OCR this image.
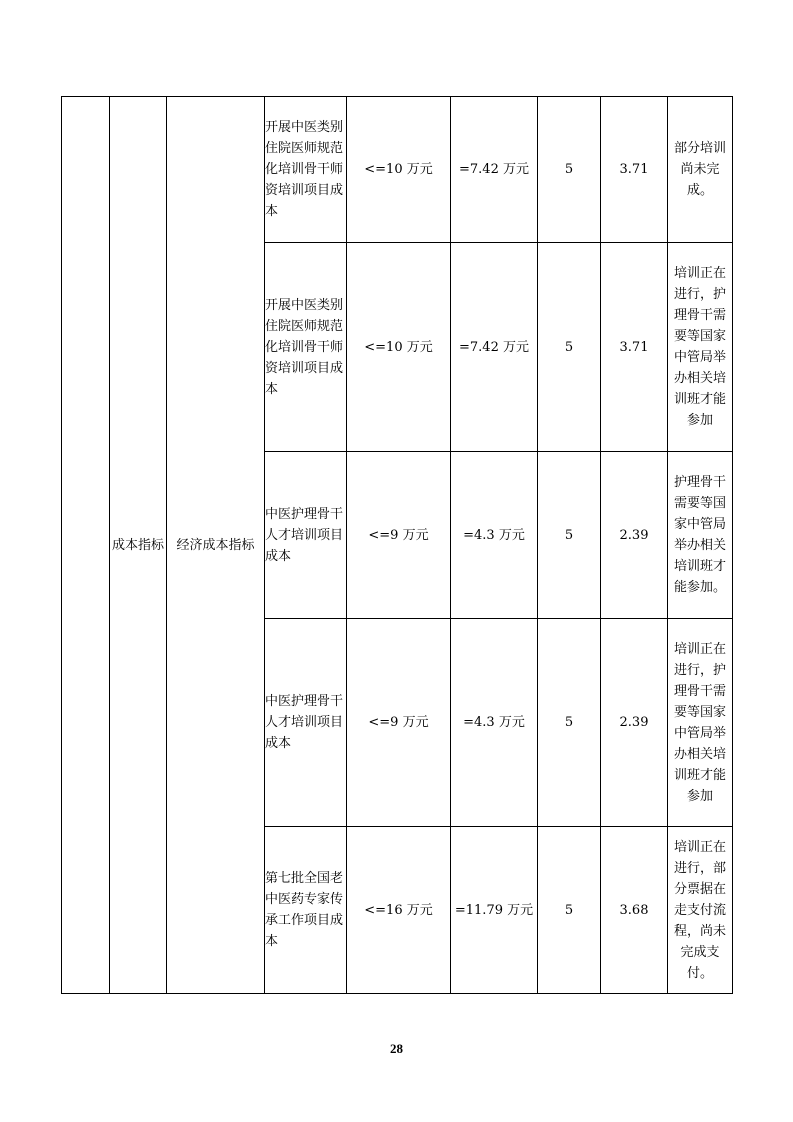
	成本指标	经济成本指标	开展中医类别住院医师规范化培训骨干师资培训项目成本	<=10 万元	=7.42 万元	5	3.71	部分培训尚未完成。
			开展中医类别住院医师规范化培训骨干师资培训项目成本	<=10 万元	=7.42 万元	5	3.71	培训正在进行，护理骨干需要等国家中管局举办相关培训班才能参加
			中医护理骨干人才培训项目成本	<=9 万元	=4.3 万元	5	2.39	护理骨干需要等国家中管局举办相关培训班才能参加。
			中医护理骨干人才培训项目成本	<=9 万元	=4.3 万元	5	2.39	培训正在进行，护理骨干需要等国家中管局举办相关培训班才能参加
			第七批全国老中医药专家传承工作项目成本	<=16 万元	=11.79 万元	5	3.68	培训正在进行，部分票据在走支付流程，尚未完成支付。
28
